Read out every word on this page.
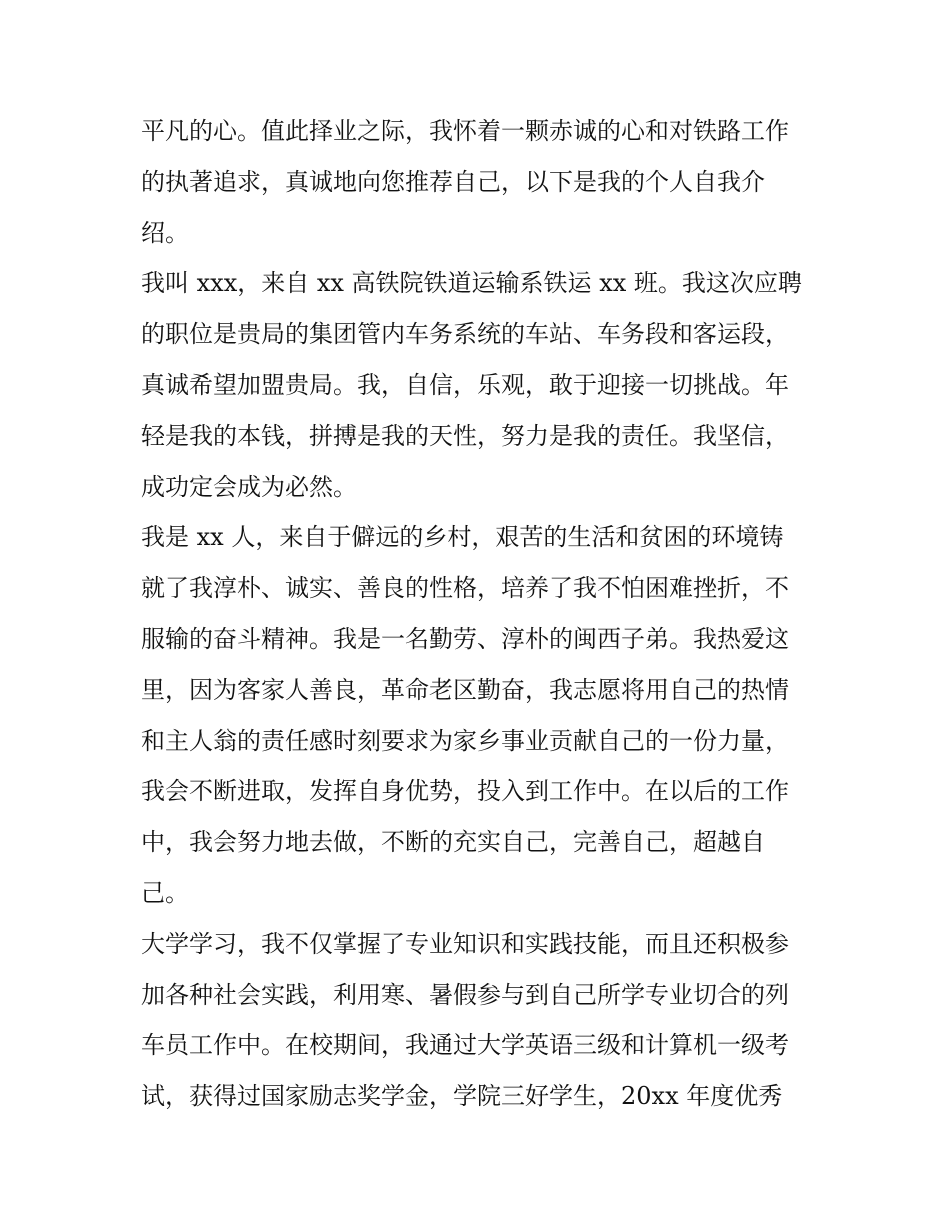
平凡的心。值此择业之际，我怀着一颗赤诚的心和对铁路工作
的执著追求，真诚地向您推荐自己，以下是我的个人自我介
绍。
我叫 xxx，来自 xx 高铁院铁道运输系铁运 xx 班。我这次应聘
的职位是贵局的集团管内车务系统的车站、车务段和客运段，
真诚希望加盟贵局。我，自信，乐观，敢于迎接一切挑战。年
轻是我的本钱，拼搏是我的天性，努力是我的责任。我坚信，
成功定会成为必然。
我是 xx 人，来自于僻远的乡村，艰苦的生活和贫困的环境铸
就了我淳朴、诚实、善良的性格，培养了我不怕困难挫折，不
服输的奋斗精神。我是一名勤劳、淳朴的闽西子弟。我热爱这
里，因为客家人善良，革命老区勤奋，我志愿将用自己的热情
和主人翁的责任感时刻要求为家乡事业贡献自己的一份力量，
我会不断进取，发挥自身优势，投入到工作中。在以后的工作
中，我会努力地去做，不断的充实自己，完善自己，超越自
己。
大学学习，我不仅掌握了专业知识和实践技能，而且还积极参
加各种社会实践，利用寒、暑假参与到自己所学专业切合的列
车员工作中。在校期间，我通过大学英语三级和计算机一级考
试，获得过国家励志奖学金，学院三好学生，20xx 年度优秀
